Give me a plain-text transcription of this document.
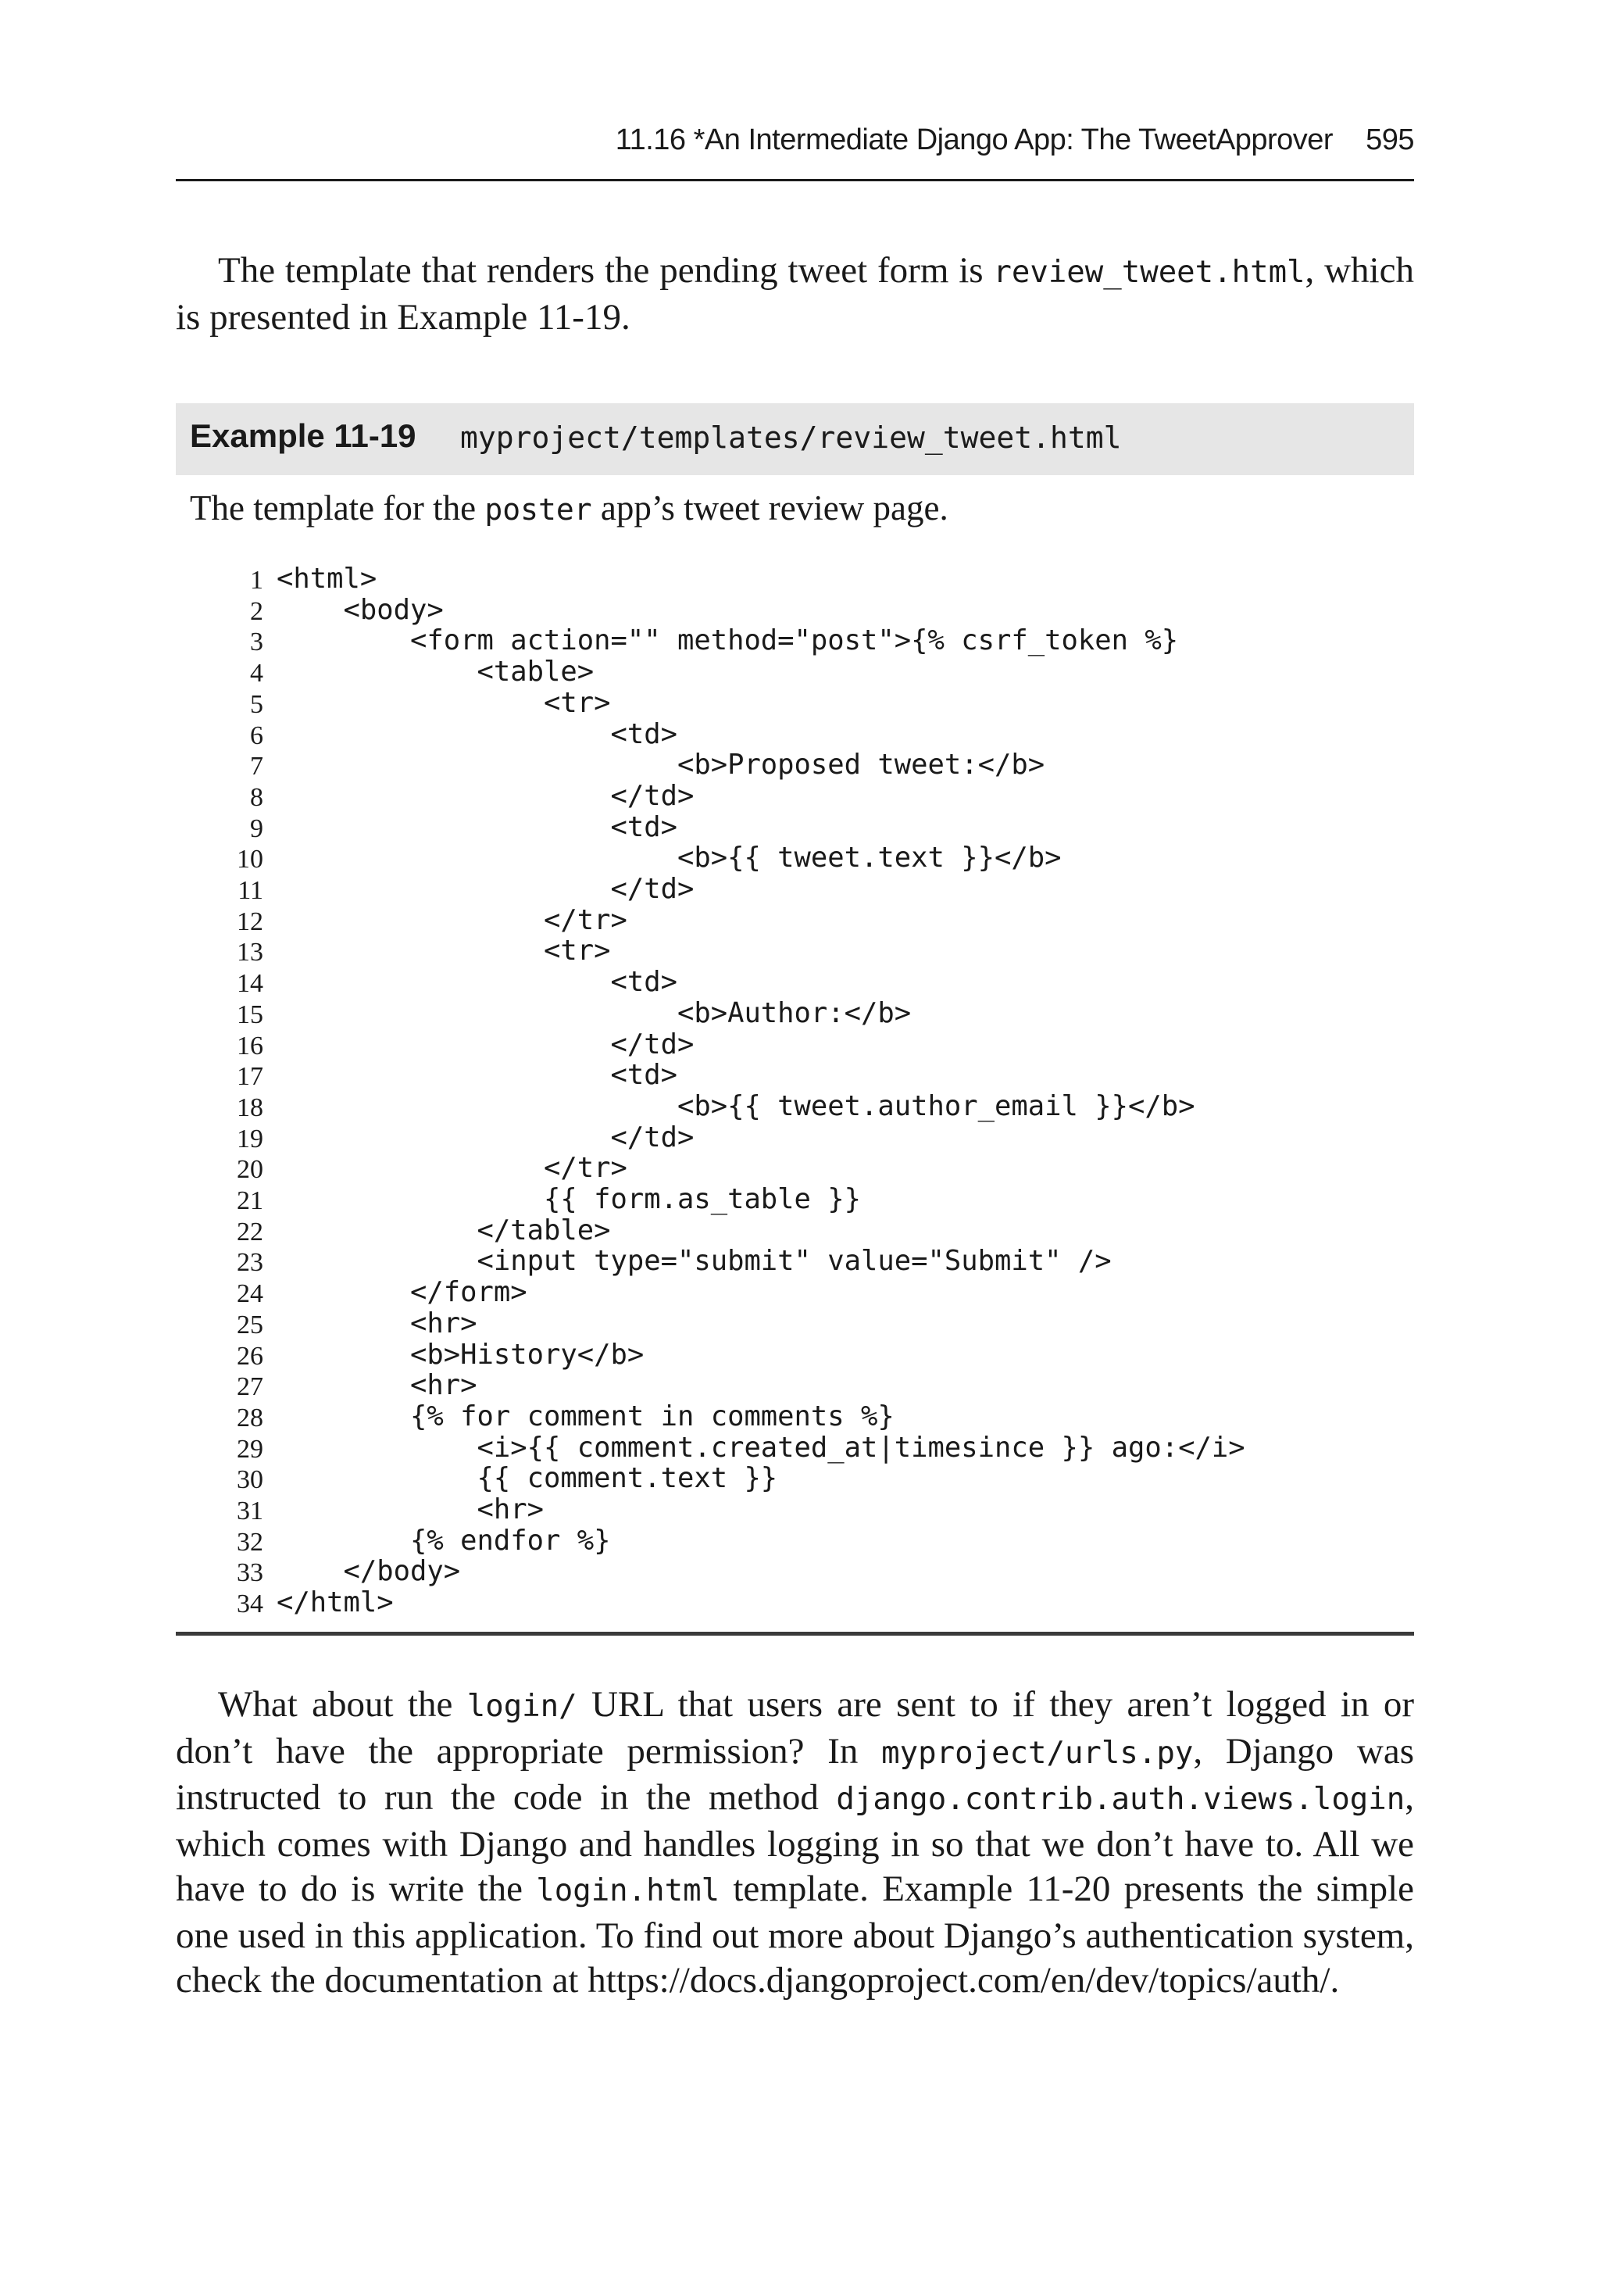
11.16 *An Intermediate Django App: The TweetApprover 595

The template that renders the pending tweet form is review_tweet.html, which is presented in Example 11-19.

Example 11-19 myproject/templates/review_tweet.html
The template for the poster app’s tweet review page.
1 <html>
2 <body>
3 <form action="" method="post">{% csrf_token %}
4 <table>
5 <tr>
6 <td>
7 <b>Proposed tweet:</b>
8 </td>
9 <td>
10 <b>{{ tweet.text }}</b>
11 </td>
12 </tr>
13 <tr>
14 <td>
15 <b>Author:</b>
16 </td>
17 <td>
18 <b>{{ tweet.author_email }}</b>
19 </td>
20 </tr>
21 {{ form.as_table }}
22 </table>
23 <input type="submit" value="Submit" />
24 </form>
25 <hr>
26 <b>History</b>
27 <hr>
28 {% for comment in comments %}
29 <i>{{ comment.created_at|timesince }} ago:</i>
30 {{ comment.text }}
31 <hr>
32 {% endfor %}
33 </body>
34 </html>

What about the login/ URL that users are sent to if they aren’t logged in or don’t have the appropriate permission? In myproject/urls.py, Django was instructed to run the code in the method django.contrib.auth.views.login, which comes with Django and handles logging in so that we don’t have to. All we have to do is write the login.html template. Example 11-20 presents the simple one used in this application. To find out more about Django’s authentication system, check the documentation at https://docs.djangoproject.com/en/dev/topics/auth/.
